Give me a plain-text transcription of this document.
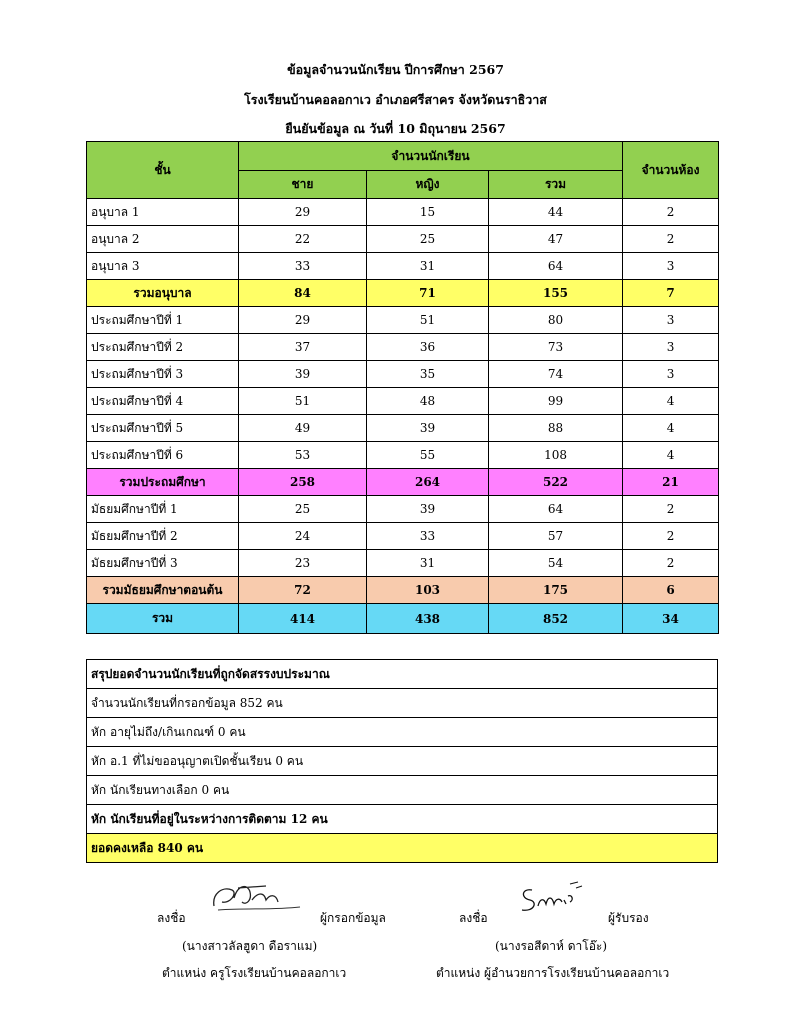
ข้อมูลจำนวนนักเรียน ปีการศึกษา 2567
โรงเรียนบ้านคอลอกาเว อำเภอศรีสาคร จังหวัดนราธิวาส
ยืนยันข้อมูล ณ วันที่ 10 มิถุนายน 2567
ชั้น	จำนวนนักเรียน			จำนวนห้อง
	ชาย	หญิง	รวม	
อนุบาล 1	29	15	44	2
อนุบาล 2	22	25	47	2
อนุบาล 3	33	31	64	3
รวมอนุบาล	84	71	155	7
ประถมศึกษาปีที่ 1	29	51	80	3
ประถมศึกษาปีที่ 2	37	36	73	3
ประถมศึกษาปีที่ 3	39	35	74	3
ประถมศึกษาปีที่ 4	51	48	99	4
ประถมศึกษาปีที่ 5	49	39	88	4
ประถมศึกษาปีที่ 6	53	55	108	4
รวมประถมศึกษา	258	264	522	21
มัธยมศึกษาปีที่ 1	25	39	64	2
มัธยมศึกษาปีที่ 2	24	33	57	2
มัธยมศึกษาปีที่ 3	23	31	54	2
รวมมัธยมศึกษาตอนต้น	72	103	175	6
รวม	414	438	852	34
สรุปยอดจำนวนนักเรียนที่ถูกจัดสรรงบประมาณ
จำนวนนักเรียนที่กรอกข้อมูล 852 คน
หัก อายุไม่ถึง/เกินเกณฑ์ 0 คน
หัก อ.1 ที่ไม่ขออนุญาตเปิดชั้นเรียน 0 คน
หัก นักเรียนทางเลือก 0 คน
หัก นักเรียนที่อยู่ในระหว่างการติดตาม 12 คน
ยอดคงเหลือ 840 คน
ลงชื่อ	ผู้กรอกข้อมูล
(นางสาวลัลฮูดา ดือราแม)
ตำแหน่ง ครูโรงเรียนบ้านคอลอกาเว
ลงชื่อ	ผู้รับรอง
(นางรอสีดาห์ ดาโอ๊ะ)
ตำแหน่ง ผู้อำนวยการโรงเรียนบ้านคอลอกาเว
